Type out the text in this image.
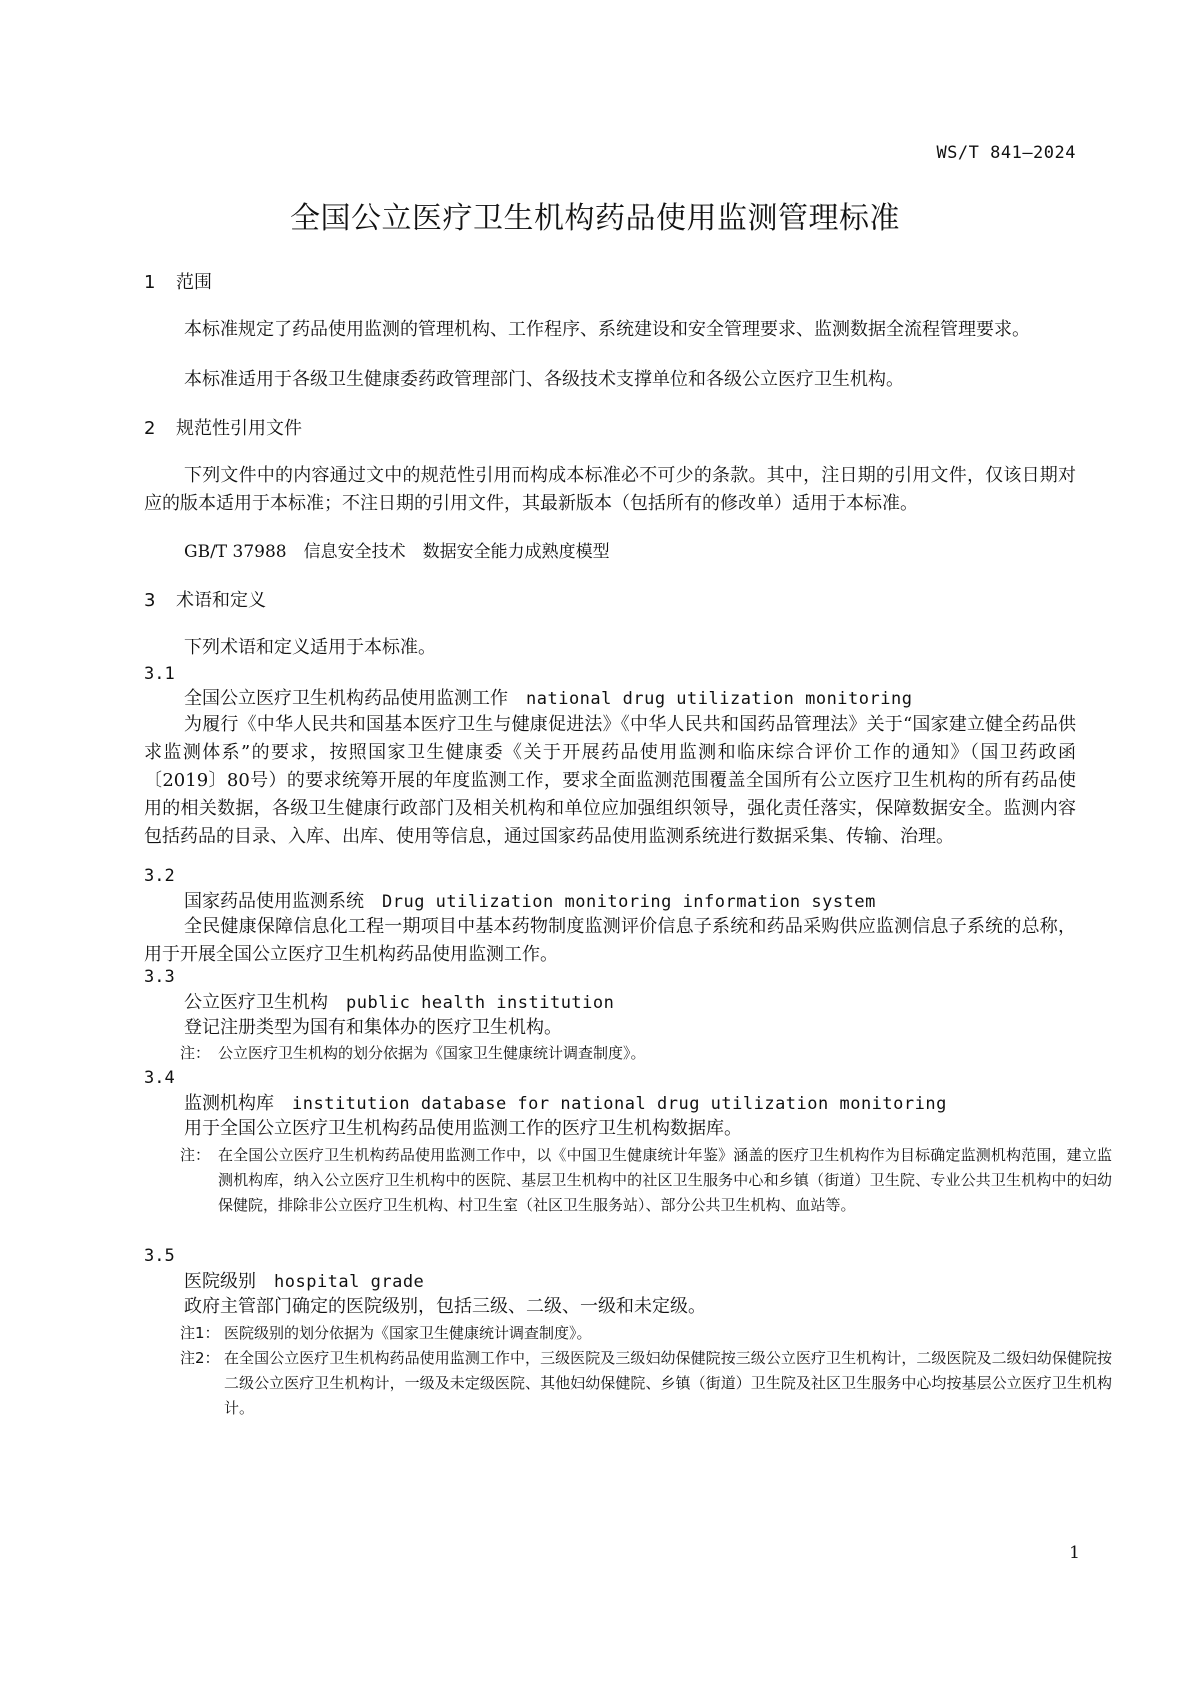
WS/T 841—2024
全国公立医疗卫生机构药品使用监测管理标准
1 范围
本标准规定了药品使用监测的管理机构、工作程序、系统建设和安全管理要求、监测数据全流程管理要求。
本标准适用于各级卫生健康委药政管理部门、各级技术支撑单位和各级公立医疗卫生机构。
2 规范性引用文件
下列文件中的内容通过文中的规范性引用而构成本标准必不可少的条款。其中，注日期的引用文件，仅该日期对应的版本适用于本标准；不注日期的引用文件，其最新版本（包括所有的修改单）适用于本标准。
GB/T 37988　信息安全技术　数据安全能力成熟度模型
3 术语和定义
下列术语和定义适用于本标准。
3.1
全国公立医疗卫生机构药品使用监测工作 national drug utilization monitoring
为履行《中华人民共和国基本医疗卫生与健康促进法》《中华人民共和国药品管理法》关于“国家建立健全药品供求监测体系”的要求，按照国家卫生健康委《关于开展药品使用监测和临床综合评价工作的通知》（国卫药政函〔2019〕80号）的要求统筹开展的年度监测工作，要求全面监测范围覆盖全国所有公立医疗卫生机构的所有药品使用的相关数据，各级卫生健康行政部门及相关机构和单位应加强组织领导，强化责任落实，保障数据安全。监测内容包括药品的目录、入库、出库、使用等信息，通过国家药品使用监测系统进行数据采集、传输、治理。
3.2
国家药品使用监测系统 Drug utilization monitoring information system
全民健康保障信息化工程一期项目中基本药物制度监测评价信息子系统和药品采购供应监测信息子系统的总称，用于开展全国公立医疗卫生机构药品使用监测工作。
3.3
公立医疗卫生机构 public health institution
登记注册类型为国有和集体办的医疗卫生机构。
注： 公立医疗卫生机构的划分依据为《国家卫生健康统计调查制度》。
3.4
监测机构库 institution database for national drug utilization monitoring
用于全国公立医疗卫生机构药品使用监测工作的医疗卫生机构数据库。
注： 在全国公立医疗卫生机构药品使用监测工作中，以《中国卫生健康统计年鉴》涵盖的医疗卫生机构作为目标确定监测机构范围，建立监测机构库，纳入公立医疗卫生机构中的医院、基层卫生机构中的社区卫生服务中心和乡镇（街道）卫生院、专业公共卫生机构中的妇幼保健院，排除非公立医疗卫生机构、村卫生室（社区卫生服务站）、部分公共卫生机构、血站等。
3.5
医院级别 hospital grade
政府主管部门确定的医院级别，包括三级、二级、一级和未定级。
注1： 医院级别的划分依据为《国家卫生健康统计调查制度》。
注2： 在全国公立医疗卫生机构药品使用监测工作中，三级医院及三级妇幼保健院按三级公立医疗卫生机构计，二级医院及二级妇幼保健院按二级公立医疗卫生机构计，一级及未定级医院、其他妇幼保健院、乡镇（街道）卫生院及社区卫生服务中心均按基层公立医疗卫生机构计。
1
